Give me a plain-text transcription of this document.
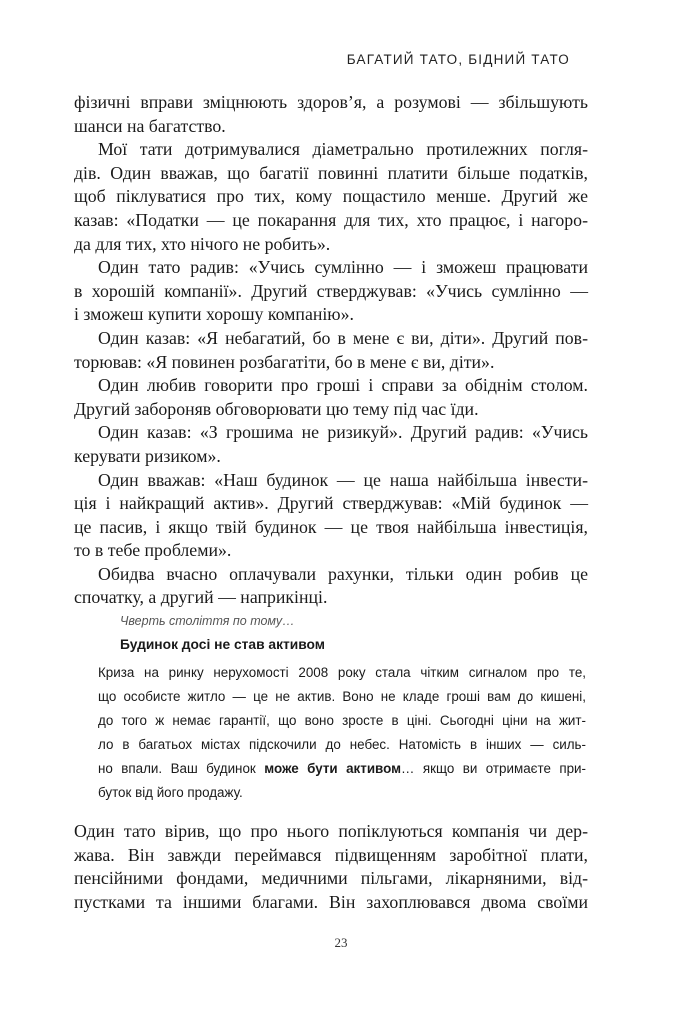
БАГАТИЙ ТАТО, БІДНИЙ ТАТО
фізичні вправи зміцнюють здоров’я, а розумові — збільшують
шанси на багатство.
Мої тати дотримувалися діаметрально протилежних погля-
дів. Один вважав, що багатії повинні платити більше податків,
щоб піклуватися про тих, кому пощастило менше. Другий же
казав: «Податки — це покарання для тих, хто працює, і нагоро-
да для тих, хто нічого не робить».
Один тато радив: «Учись сумлінно — і зможеш працювати
в хорошій компанії». Другий стверджував: «Учись сумлінно —
і зможеш купити хорошу компанію».
Один казав: «Я небагатий, бо в мене є ви, діти». Другий пов-
торював: «Я повинен розбагатіти, бо в мене є ви, діти».
Один любив говорити про гроші і справи за обіднім столом.
Другий забороняв обговорювати цю тему під час їди.
Один казав: «З грошима не ризикуй». Другий радив: «Учись
керувати ризиком».
Один вважав: «Наш будинок — це наша найбільша інвести-
ція і найкращий актив». Другий стверджував: «Мій будинок —
це пасив, і якщо твій будинок — це твоя найбільша інвестиція,
то в тебе проблеми».
Обидва вчасно оплачували рахунки, тільки один робив це
спочатку, а другий — наприкінці.
Чверть століття по тому…
Будинок досі не став активом
Криза на ринку нерухомості 2008 року стала чітким сигналом про те,
що особисте житло — це не актив. Воно не кладе гроші вам до кишені,
до того ж немає гарантії, що воно зросте в ціні. Сьогодні ціни на жит-
ло в багатьох містах підскочили до небес. Натомість в інших — силь-
но впали. Ваш будинок може бути активом… якщо ви отримаєте при-
буток від його продажу.
Один тато вірив, що про нього попіклуються компанія чи дер-
жава. Він завжди переймався підвищенням заробітної плати,
пенсійними фондами, медичними пільгами, лікарняними, від-
пустками та іншими благами. Він захоплювався двома своїми
23
